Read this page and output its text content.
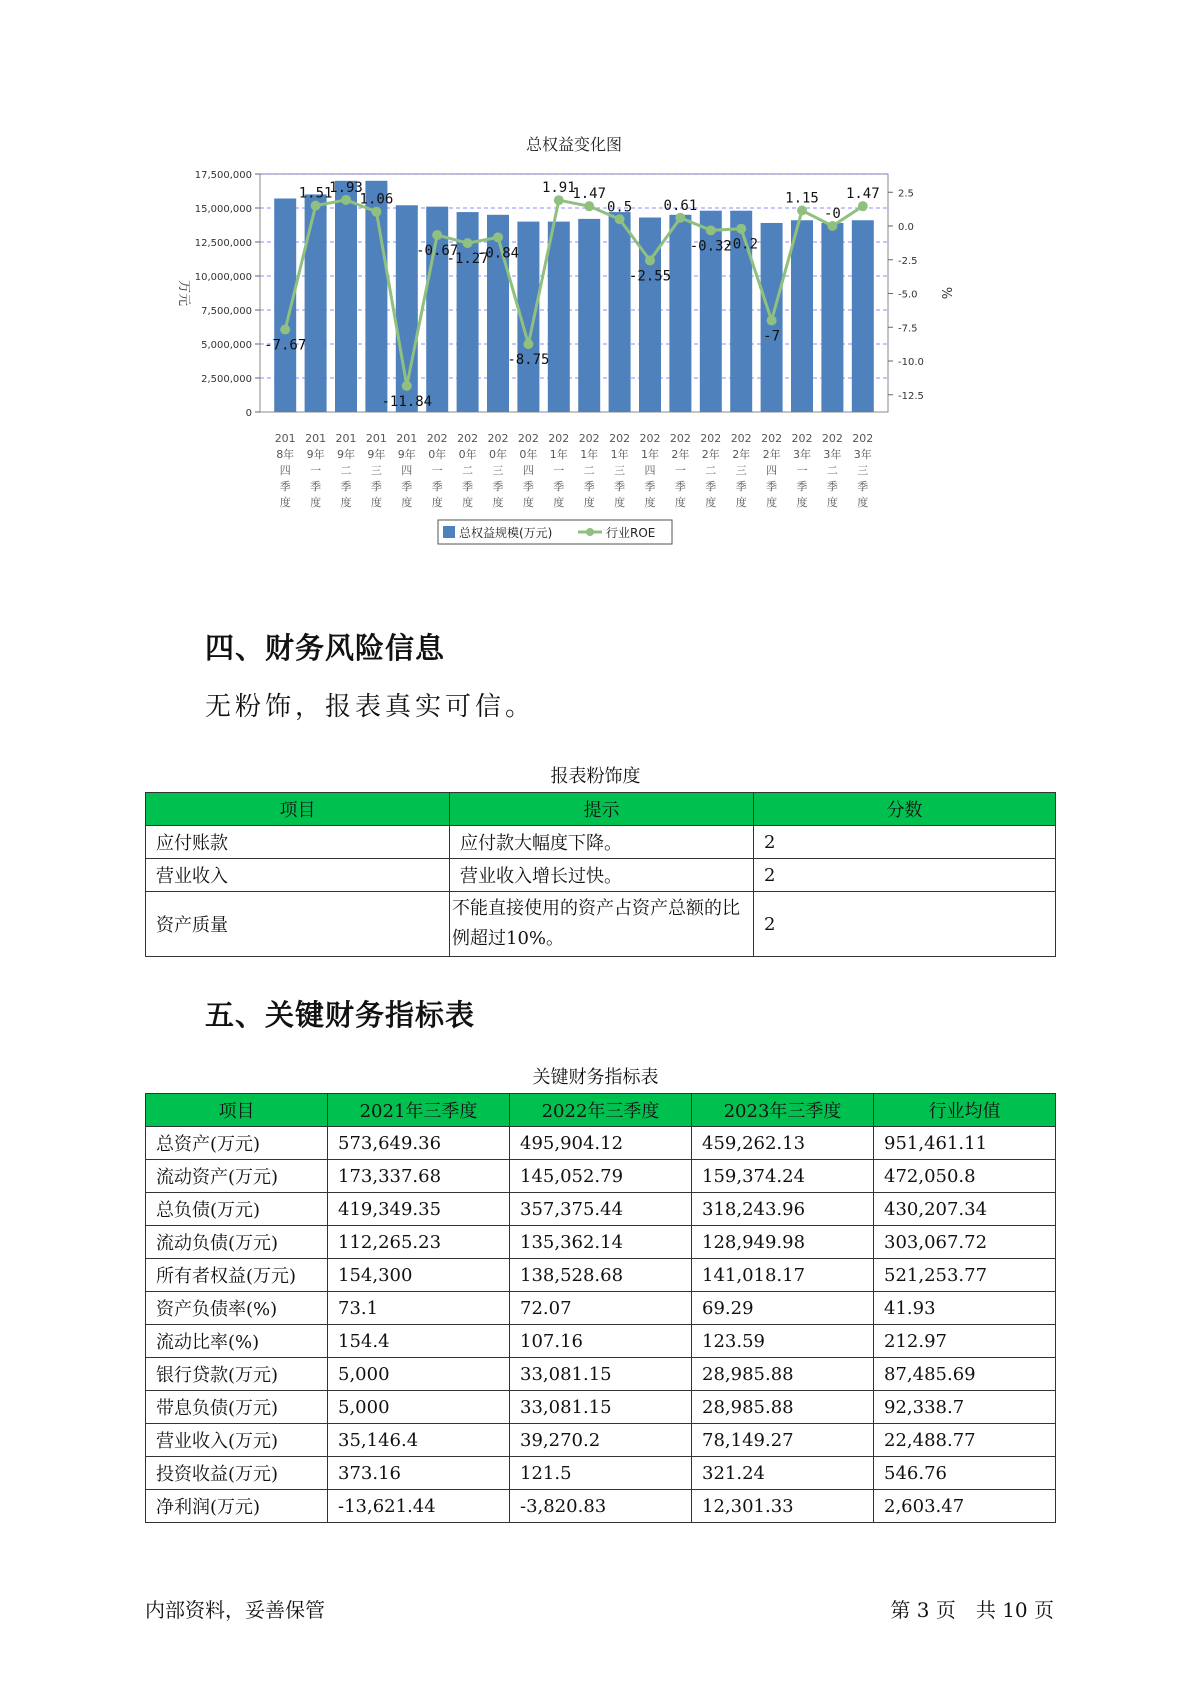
总权益变化图
17,500,000
15,000,000
12,500,000
10,000,000
7,500,000
5,000,000
2,500,000
0
2.5
0.0
-2.5
-5.0
-7.5
-10.0
-12.5
万元	%
201
8年
四
季
度
201
9年
一
季
度
201
9年
二
季
度
201
9年
三
季
度
201
9年
四
季
度
202
0年
一
季
度
202
0年
二
季
度
202
0年
三
季
度
202
0年
四
季
度
202
1年
一
季
度
202
1年
二
季
度
202
1年
三
季
度
202
1年
四
季
度
202
2年
一
季
度
202
2年
二
季
度
202
2年
三
季
度
202
2年
四
季
度
202
3年
一
季
度
202
3年
二
季
度
202
3年
三
季
度
-7.67
1.51
1.93
1.06
-11.84
-0.67
-1.27
-0.84
-8.75
1.91
1.47
0.5
-2.55
0.61
-0.32
-0.2
-7
1.15
-0
1.47
总权益规模(万元)	行业ROE
四、财务风险信息
无粉饰，报表真实可信。
报表粉饰度
项目	提示	分数
应付账款	应付款大幅度下降。	2
营业收入	营业收入增长过快。	2
资产质量	不能直接使用的资产占资产总额的比例超过10%。	2
五、关键财务指标表
关键财务指标表
项目	2021年三季度	2022年三季度	2023年三季度	行业均值
总资产(万元)	573,649.36	495,904.12	459,262.13	951,461.11
流动资产(万元)	173,337.68	145,052.79	159,374.24	472,050.8
总负债(万元)	419,349.35	357,375.44	318,243.96	430,207.34
流动负债(万元)	112,265.23	135,362.14	128,949.98	303,067.72
所有者权益(万元)	154,300	138,528.68	141,018.17	521,253.77
资产负债率(%)	73.1	72.07	69.29	41.93
流动比率(%)	154.4	107.16	123.59	212.97
银行贷款(万元)	5,000	33,081.15	28,985.88	87,485.69
带息负债(万元)	5,000	33,081.15	28,985.88	92,338.7
营业收入(万元)	35,146.4	39,270.2	78,149.27	22,488.77
投资收益(万元)	373.16	121.5	321.24	546.76
净利润(万元)	-13,621.44	-3,820.83	12,301.33	2,603.47
内部资料，妥善保管	第 3 页　共 10 页
